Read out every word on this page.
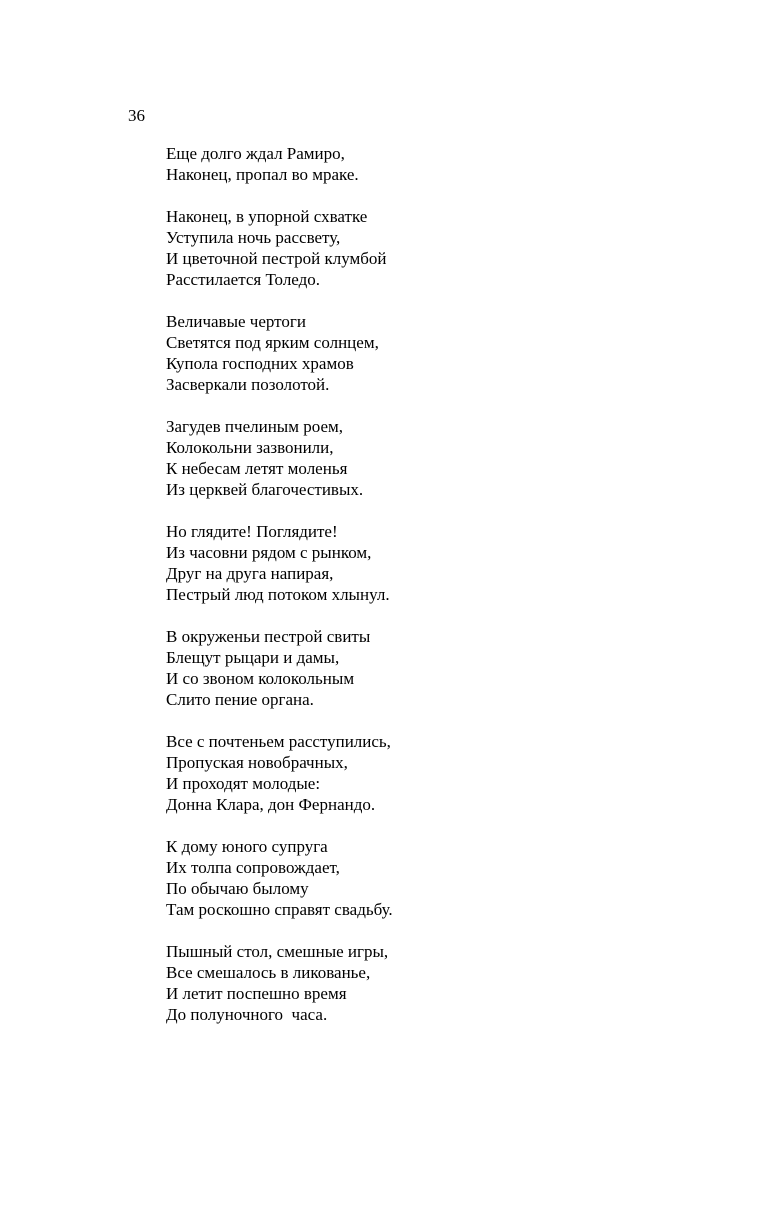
36
Еще долго ждал Рамиро,
Наконец, пропал во мраке.
Наконец, в упорной схватке
Уступила ночь рассвету,
И цветочной пестрой клумбой
Расстилается Толедо.
Величавые чертоги
Светятся под ярким солнцем,
Купола господних храмов
Засверкали позолотой.
Загудев пчелиным роем,
Колокольни зазвонили,
К небесам летят моленья
Из церквей благочестивых.
Но глядите! Поглядите!
Из часовни рядом с рынком,
Друг на друга напирая,
Пестрый люд потоком хлынул.
В окруженьи пестрой свиты
Блещут рыцари и дамы,
И со звоном колокольным
Слито пение органа.
Все с почтеньем расступились,
Пропуская новобрачных,
И проходят молодые:
Донна Клара, дон Фернандо.
К дому юного супруга
Их толпа сопровождает,
По обычаю былому
Там роскошно справят свадьбу.
Пышный стол, смешные игры,
Все смешалось в ликованье,
И летит поспешно время
До полуночного  часа.
